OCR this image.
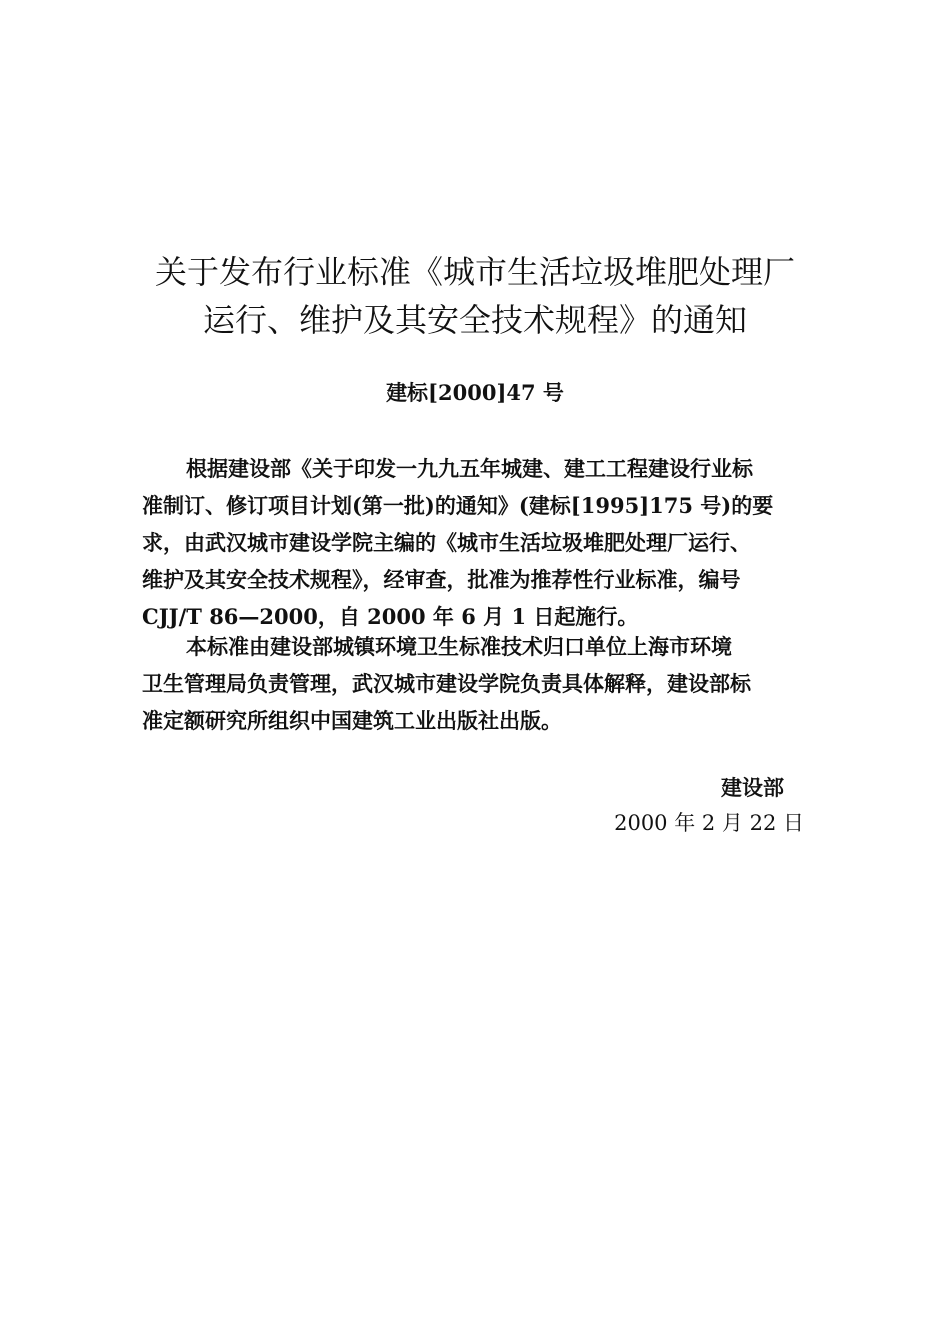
关于发布行业标准《城市生活垃圾堆肥处理厂
运行、维护及其安全技术规程》的通知
建标[2000]47 号

根据建设部《关于印发一九九五年城建、建工工程建设行业标
准制订、修订项目计划(第一批)的通知》(建标[1995]175 号)的要
求，由武汉城市建设学院主编的《城市生活垃圾堆肥处理厂运行、
维护及其安全技术规程》，经审查，批准为推荐性行业标准，编号
CJJ/T 86—2000，自 2000 年 6 月 1 日起施行。

本标准由建设部城镇环境卫生标准技术归口单位上海市环境
卫生管理局负责管理，武汉城市建设学院负责具体解释，建设部标
准定额研究所组织中国建筑工业出版社出版。

建设部
2000 年 2 月 22 日
